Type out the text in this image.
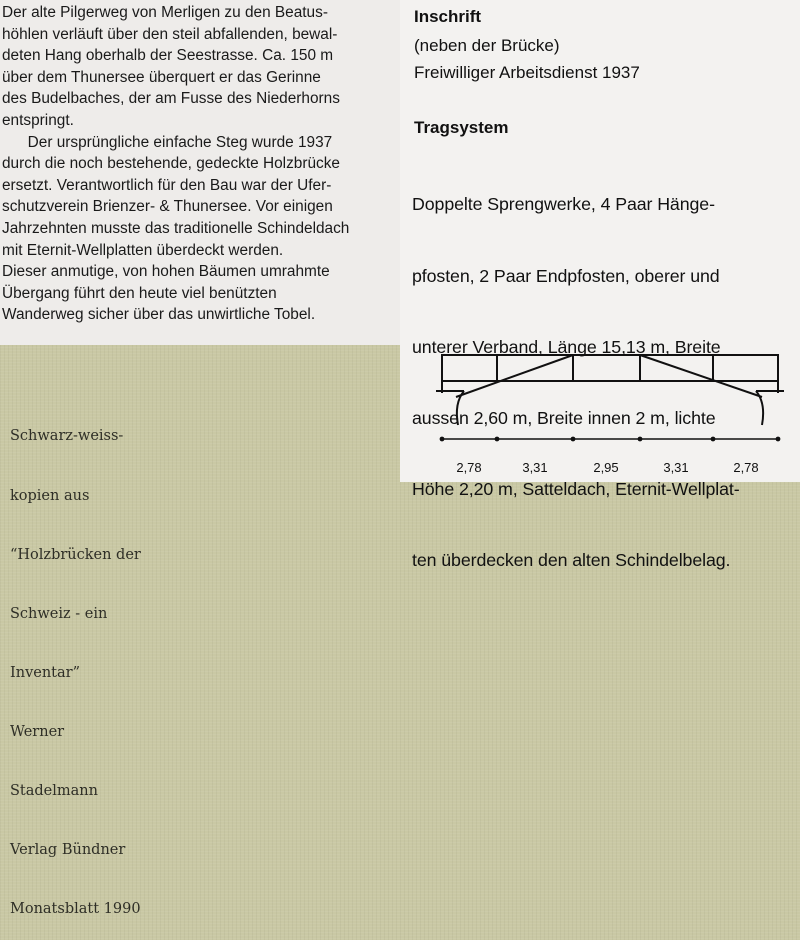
Der alte Pilgerweg von Merligen zu den Beatus-

höhlen verläuft über den steil abfallenden, bewal-

deten Hang oberhalb der Seestrasse. Ca. 150 m

über dem Thunersee überquert er das Gerinne

des Budelbaches, der am Fusse des Niederhorns

entspringt.

Der ursprüngliche einfache Steg wurde 1937

durch die noch bestehende, gedeckte Holzbrücke

ersetzt. Verantwortlich für den Bau war der Ufer-

schutzverein Brienzer- & Thunersee. Vor einigen

Jahrzehnten musste das traditionelle Schindeldach

mit Eternit-Wellplatten überdeckt werden.

Dieser anmutige, von hohen Bäumen umrahmte

Übergang führt den heute viel benützten

Wanderweg sicher über das unwirtliche Tobel.

Inschrift

(neben der Brücke)

Freiwilliger Arbeitsdienst 1937

Tragsystem

Doppelte Sprengwerke, 4 Paar Hänge-

pfosten, 2 Paar Endpfosten, oberer und

unterer Verband, Länge 15,13 m, Breite

aussen 2,60 m, Breite innen 2 m, lichte

Höhe 2,20 m, Satteldach, Eternit-Wellplat-

ten überdecken den alten Schindelbelag.

2,78	3,31	2,95	3,31	2,78

Schwarz-weiss-

kopien aus

“Holzbrücken der

Schweiz - ein

Inventar”

Werner

Stadelmann

Verlag Bündner

Monatsblatt 1990
